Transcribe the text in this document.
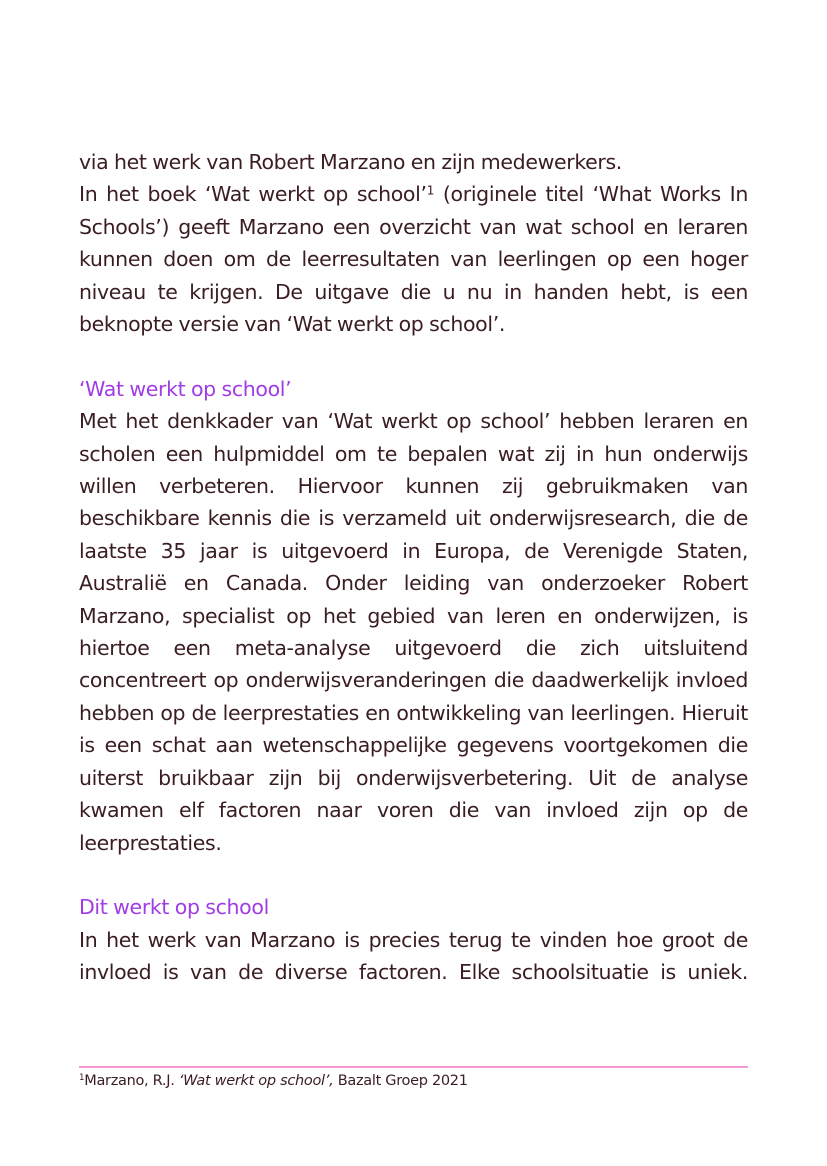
via het werk van Robert Marzano en zijn medewerkers.

In het boek ‘Wat werkt op school’$^1$ (originele titel ‘What Works In Schools’) geeft Marzano een overzicht van wat school en leraren kunnen doen om de leerresultaten van leerlingen op een hoger niveau te krijgen. De uitgave die u nu in handen hebt, is een beknopte versie van ‘Wat werkt op school’.

‘Wat werkt op school’

Met het denkkader van ‘Wat werkt op school’ hebben leraren en scholen een hulpmiddel om te bepalen wat zij in hun onderwijs willen verbeteren. Hiervoor kunnen zij gebruikmaken van beschikbare kennis die is verzameld uit onderwijsresearch, die de laatste 35 jaar is uitgevoerd in Europa, de Verenigde Staten, Australië en Canada. Onder leiding van onderzoeker Robert Marzano, specialist op het gebied van leren en onderwijzen, is hiertoe een meta-analyse uitgevoerd die zich uitsluitend concentreert op onderwijsveranderingen die daadwerkelijk invloed hebben op de leerprestaties en ontwikkeling van leerlingen. Hieruit is een schat aan wetenschappelijke gegevens voortgekomen die uiterst bruikbaar zijn bij onderwijsverbetering. Uit de analyse kwamen elf factoren naar voren die van invloed zijn op de leerprestaties.

Dit werkt op school

In het werk van Marzano is precies terug te vinden hoe groot de invloed is van de diverse factoren. Elke schoolsituatie is uniek.

$^1$Marzano, R.J. ‘Wat werkt op school’, Bazalt Groep 2021
